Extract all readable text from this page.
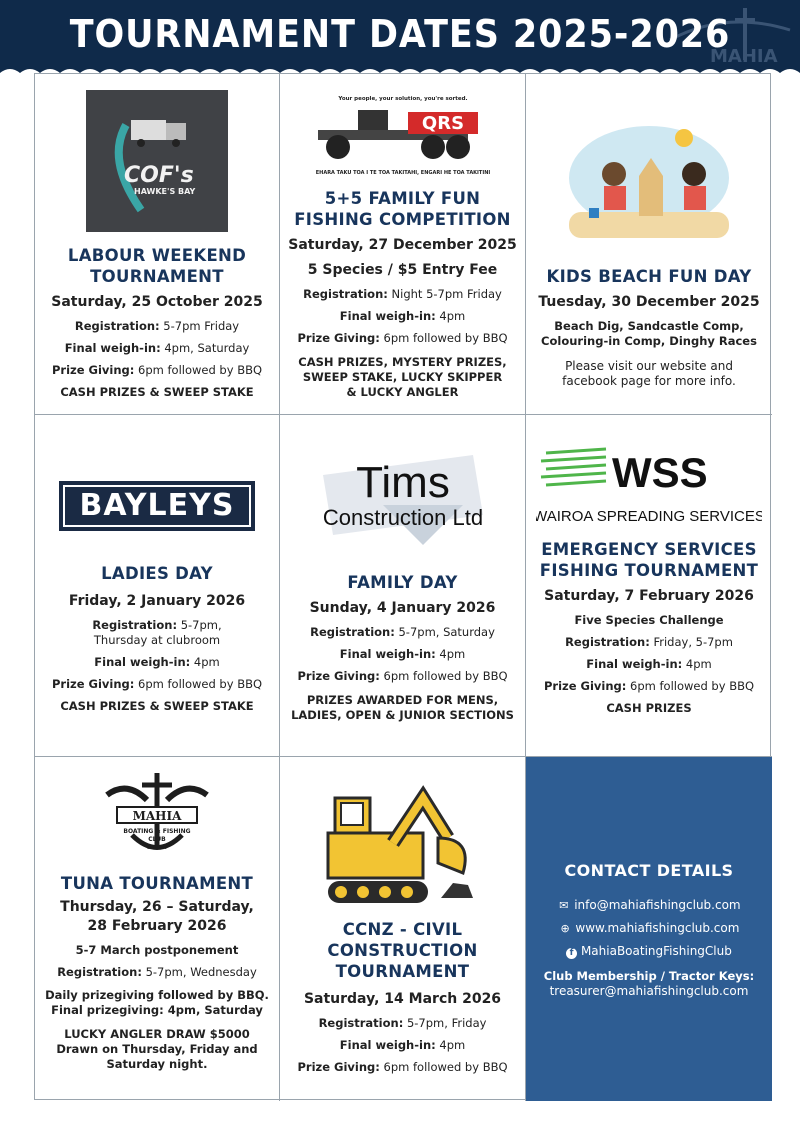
MAHIA
TOURNAMENT DATES 2025-2026
COF's
HAWKE'S BAY
LABOUR WEEKEND
TOURNAMENT
Saturday, 25 October 2025
Registration: 5-7pm Friday
Final weigh-in: 4pm, Saturday
Prize Giving: 6pm followed by BBQ
CASH PRIZES & SWEEP STAKE
Your people, your solution, you're sorted.
QRS
EHARA TAKU TOA I TE TOA TAKITAHI, ENGARI HE TOA TAKITINI
5+5 FAMILY FUN
FISHING COMPETITION
Saturday, 27 December 2025
5 Species / $5 Entry Fee
Registration: Night 5-7pm Friday
Final weigh-in: 4pm
Prize Giving: 6pm followed by BBQ
CASH PRIZES, MYSTERY PRIZES,
SWEEP STAKE, LUCKY SKIPPER
& LUCKY ANGLER
KIDS BEACH FUN DAY
Tuesday, 30 December 2025
Beach Dig, Sandcastle Comp,
Colouring-in Comp, Dinghy Races
Please visit our website and
facebook page for more info.
BAYLEYS
LADIES DAY
Friday, 2 January 2026
Registration: 5-7pm, Thursday at clubroom
Final weigh-in: 4pm
Prize Giving: 6pm followed by BBQ
CASH PRIZES & SWEEP STAKE
Tims
Construction Ltd
FAMILY DAY
Sunday, 4 January 2026
Registration: 5-7pm, Saturday
Final weigh-in: 4pm
Prize Giving: 6pm followed by BBQ
PRIZES AWARDED FOR MENS,
LADIES, OPEN & JUNIOR SECTIONS
WSS
WAIROA SPREADING SERVICES
EMERGENCY SERVICES
FISHING TOURNAMENT
Saturday, 7 February 2026
Five Species Challenge
Registration: Friday, 5-7pm
Final weigh-in: 4pm
Prize Giving: 6pm followed by BBQ
CASH PRIZES
MAHIA
BOATING & FISHING
CLUB
EST. 1960
TUNA TOURNAMENT
Thursday, 26 – Saturday,
28 February 2026
5-7 March postponement
Registration: 5-7pm, Wednesday
Daily prizegiving followed by BBQ.
Final prizegiving: 4pm, Saturday
LUCKY ANGLER DRAW $5000
Drawn on Thursday, Friday and
Saturday night.
CCNZ - CIVIL
CONSTRUCTION
TOURNAMENT
Saturday, 14 March 2026
Registration: 5-7pm, Friday
Final weigh-in: 4pm
Prize Giving: 6pm followed by BBQ
CONTACT DETAILS
✉ info@mahiafishingclub.com
⊕ www.mahiafishingclub.com
f MahiaBoatingFishingClub
Club Membership / Tractor Keys:
treasurer@mahiafishingclub.com
